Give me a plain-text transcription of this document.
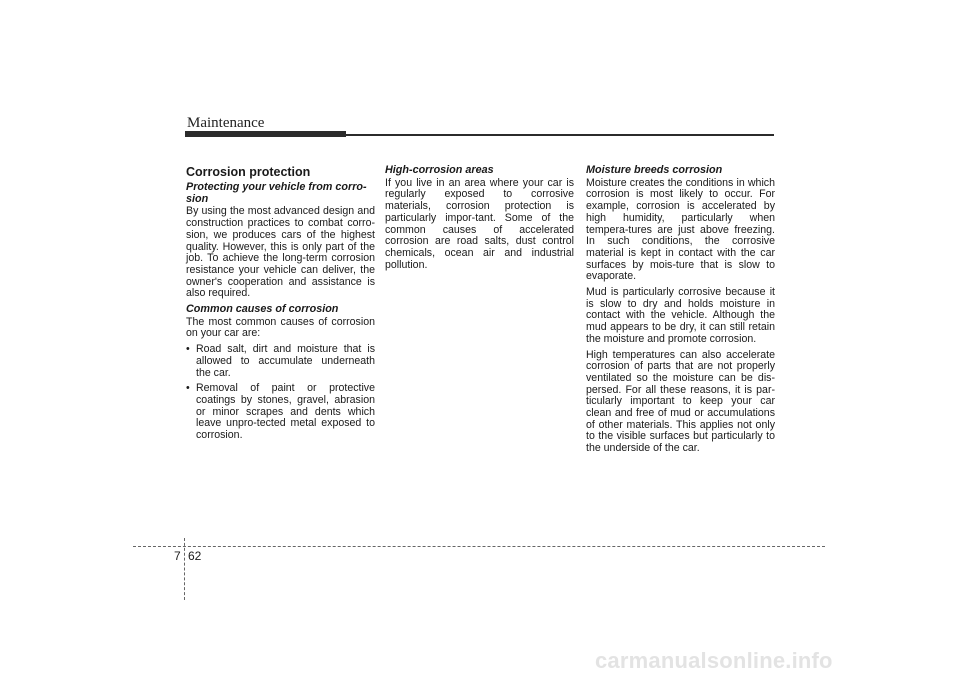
Maintenance
Corrosion protection
Protecting your vehicle from corro-sion

By using the most advanced design and construction practices to combat corro-sion, we produces cars of the highest quality. However, this is only part of the job. To achieve the long-term corrosion resistance your vehicle can deliver, the owner's cooperation and assistance is also required.

Common causes of corrosion

The most common causes of corrosion on your car are:

• Road salt, dirt and moisture that is allowed to accumulate underneath the car.
• Removal of paint or protective coatings by stones, gravel, abrasion or minor scrapes and dents which leave unpro-tected metal exposed to corrosion.
High-corrosion areas

If you live in an area where your car is regularly exposed to corrosive materials, corrosion protection is particularly impor-tant. Some of the common causes of accelerated corrosion are road salts, dust control chemicals, ocean air and industrial pollution.

Moisture breeds corrosion

Moisture creates the conditions in which corrosion is most likely to occur. For example, corrosion is accelerated by high humidity, particularly when tempera-tures are just above freezing. In such conditions, the corrosive material is kept in contact with the car surfaces by mois-ture that is slow to evaporate.

Mud is particularly corrosive because it is slow to dry and holds moisture in contact with the vehicle. Although the mud appears to be dry, it can still retain the moisture and promote corrosion.

High temperatures can also accelerate corrosion of parts that are not properly ventilated so the moisture can be dis-persed. For all these reasons, it is par-ticularly important to keep your car clean and free of mud or accumulations of other materials. This applies not only to the visible surfaces but particularly to the underside of the car.

7 62
carmanualsonline.info
